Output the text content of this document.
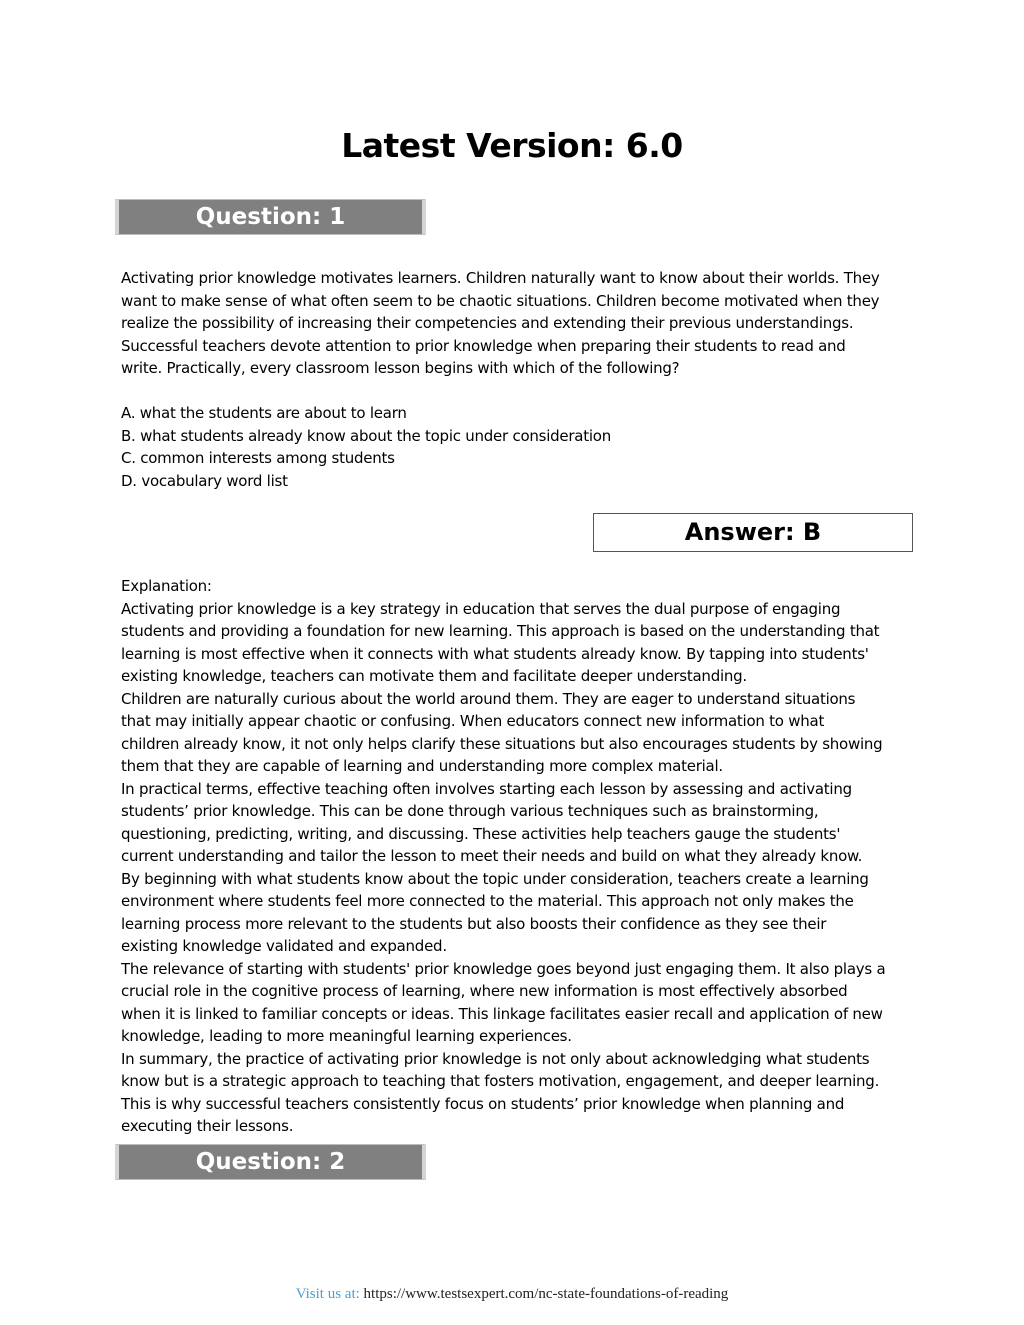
Latest Version: 6.0
Question: 1

Activating prior knowledge motivates learners. Children naturally want to know about their worlds. They

want to make sense of what often seem to be chaotic situations. Children become motivated when they

realize the possibility of increasing their competencies and extending their previous understandings.

Successful teachers devote attention to prior knowledge when preparing their students to read and

write. Practically, every classroom lesson begins with which of the following?

A. what the students are about to learn

B. what students already know about the topic under consideration

C. common interests among students

D. vocabulary word list

Answer: B

Explanation:

Activating prior knowledge is a key strategy in education that serves the dual purpose of engaging

students and providing a foundation for new learning. This approach is based on the understanding that

learning is most effective when it connects with what students already know. By tapping into students'

existing knowledge, teachers can motivate them and facilitate deeper understanding.

Children are naturally curious about the world around them. They are eager to understand situations

that may initially appear chaotic or confusing. When educators connect new information to what

children already know, it not only helps clarify these situations but also encourages students by showing

them that they are capable of learning and understanding more complex material.

In practical terms, effective teaching often involves starting each lesson by assessing and activating

students’ prior knowledge. This can be done through various techniques such as brainstorming,

questioning, predicting, writing, and discussing. These activities help teachers gauge the students'

current understanding and tailor the lesson to meet their needs and build on what they already know.

By beginning with what students know about the topic under consideration, teachers create a learning

environment where students feel more connected to the material. This approach not only makes the

learning process more relevant to the students but also boosts their confidence as they see their

existing knowledge validated and expanded.

The relevance of starting with students' prior knowledge goes beyond just engaging them. It also plays a

crucial role in the cognitive process of learning, where new information is most effectively absorbed

when it is linked to familiar concepts or ideas. This linkage facilitates easier recall and application of new

knowledge, leading to more meaningful learning experiences.

In summary, the practice of activating prior knowledge is not only about acknowledging what students

know but is a strategic approach to teaching that fosters motivation, engagement, and deeper learning.

This is why successful teachers consistently focus on students’ prior knowledge when planning and

executing their lessons.

Question: 2
Visit us at: https://www.testsexpert.com/nc-state-foundations-of-reading
